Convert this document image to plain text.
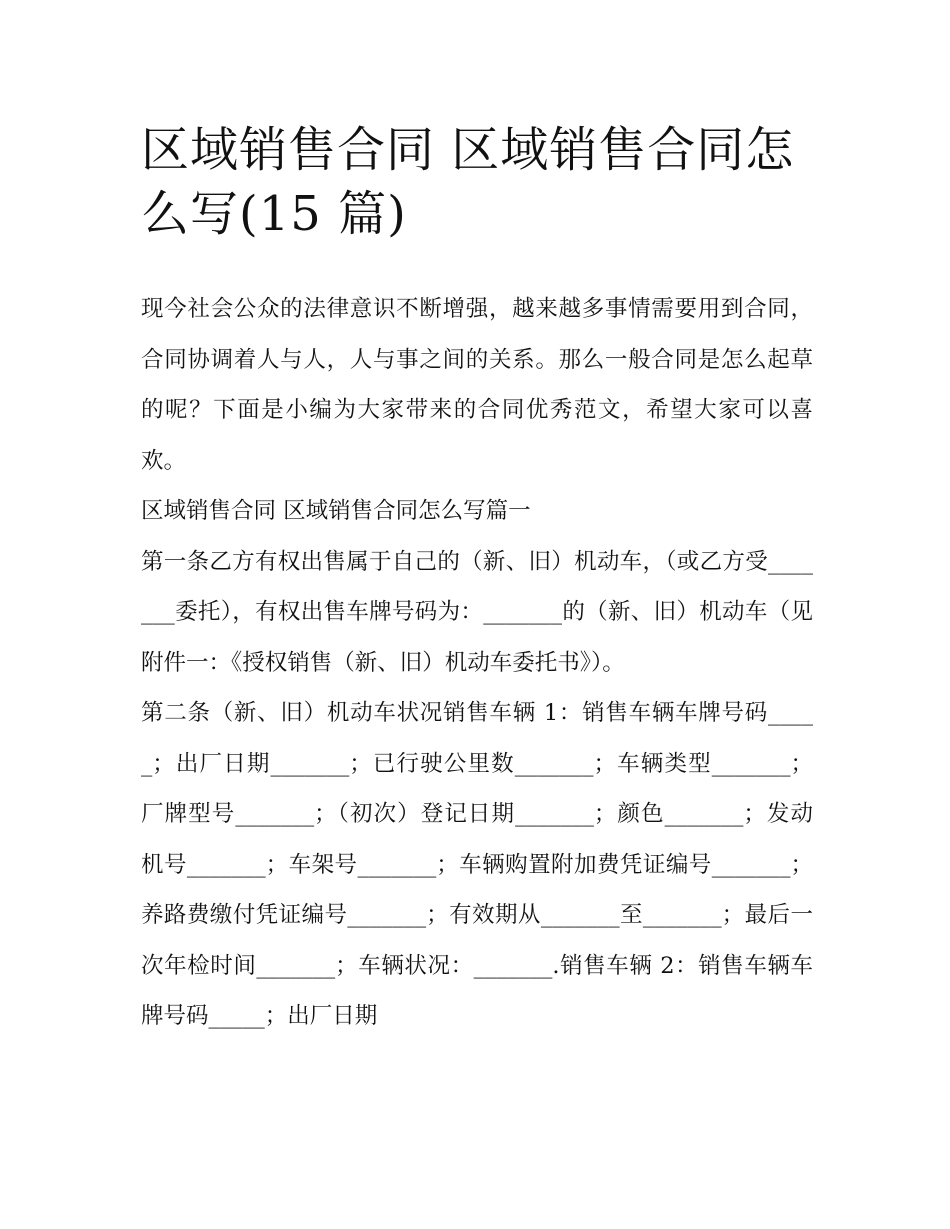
区域销售合同 区域销售合同怎么写(15 篇)

现今社会公众的法律意识不断增强，越来越多事情需要用到合同，合同协调着人与人，人与事之间的关系。那么一般合同是怎么起草的呢？下面是小编为大家带来的合同优秀范文，希望大家可以喜欢。

区域销售合同 区域销售合同怎么写篇一

第一条乙方有权出售属于自己的（新、旧）机动车，（或乙方受_______委托），有权出售车牌号码为：_______的（新、旧）机动车（见附件一：《授权销售（新、旧）机动车委托书》）。

第二条（新、旧）机动车状况销售车辆 1：销售车辆车牌号码_____；出厂日期_______；已行驶公里数_______；车辆类型_______；厂牌型号_______；（初次）登记日期_______；颜色_______；发动机号_______；车架号_______；车辆购置附加费凭证编号_______；养路费缴付凭证编号_______；有效期从_______至_______；最后一次年检时间_______；车辆状况：_______.销售车辆 2：销售车辆车牌号码_____；出厂日期
